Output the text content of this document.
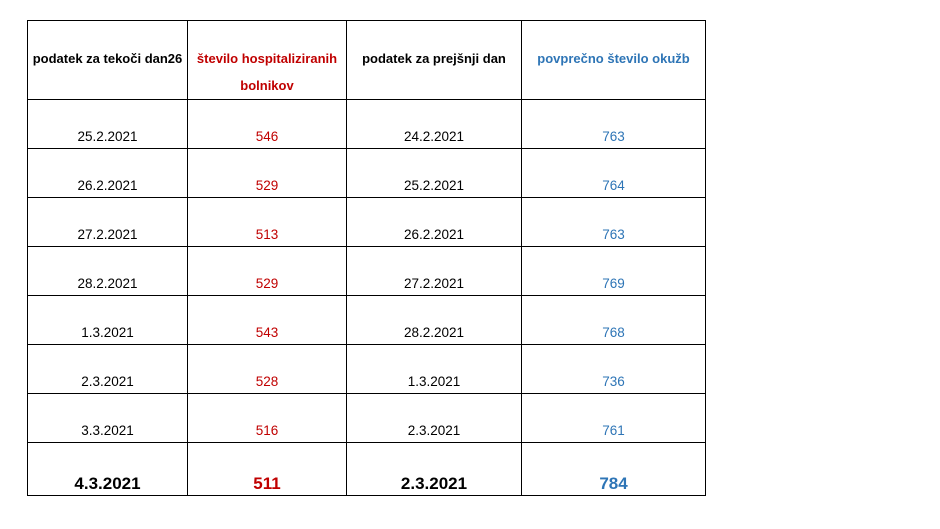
podatek za tekoči dan26	število hospitaliziranih bolnikov	podatek za prejšnji dan	povprečno število okužb
25.2.2021	546	24.2.2021	763
26.2.2021	529	25.2.2021	764
27.2.2021	513	26.2.2021	763
28.2.2021	529	27.2.2021	769
1.3.2021	543	28.2.2021	768
2.3.2021	528	1.3.2021	736
3.3.2021	516	2.3.2021	761
4.3.2021	511	2.3.2021	784
